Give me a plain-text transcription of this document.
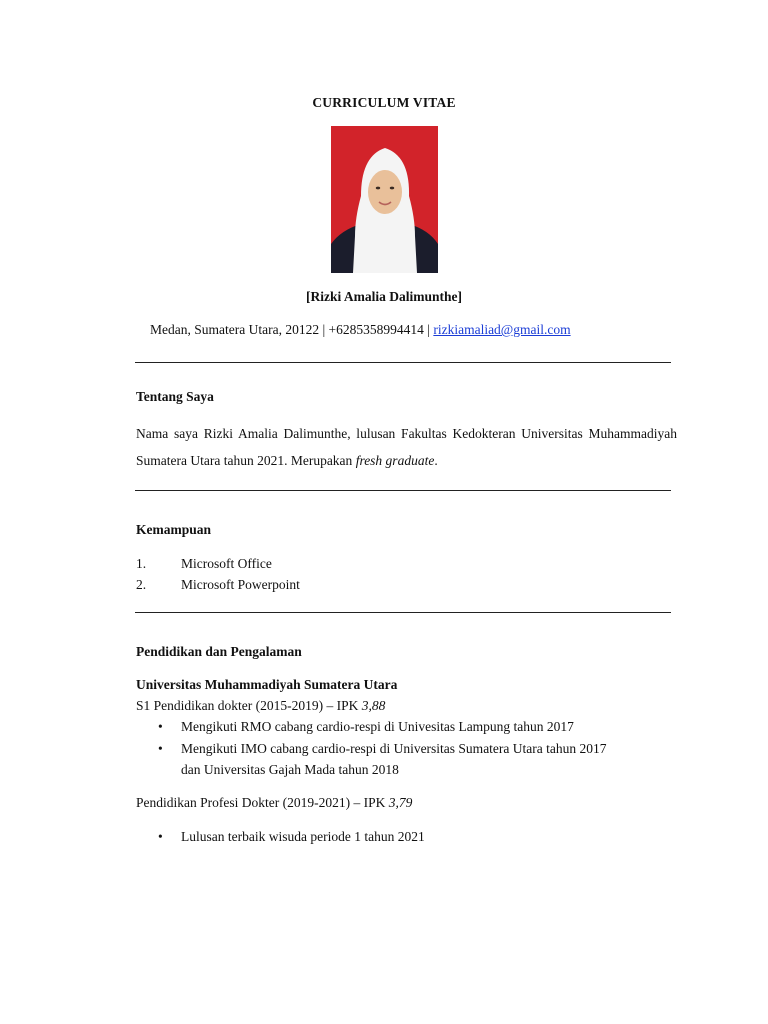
CURRICULUM VITAE
[Rizki Amalia Dalimunthe]
Medan, Sumatera Utara, 20122 | +6285358994414 | rizkiamaliad@gmail.com
Tentang Saya
Nama saya Rizki Amalia Dalimunthe, lulusan Fakultas Kedokteran Universitas Muhammadiyah Sumatera Utara tahun 2021. Merupakan fresh graduate.
Kemampuan
1.	Microsoft Office
2.	Microsoft Powerpoint
Pendidikan dan Pengalaman
Universitas Muhammadiyah Sumatera Utara
S1 Pendidikan dokter (2015-2019) – IPK 3,88
• Mengikuti RMO cabang cardio-respi di Univesitas Lampung tahun 2017
• Mengikuti IMO cabang cardio-respi di Universitas Sumatera Utara tahun 2017
dan Universitas Gajah Mada tahun 2018
Pendidikan Profesi Dokter (2019-2021) – IPK 3,79
• Lulusan terbaik wisuda periode 1 tahun 2021
